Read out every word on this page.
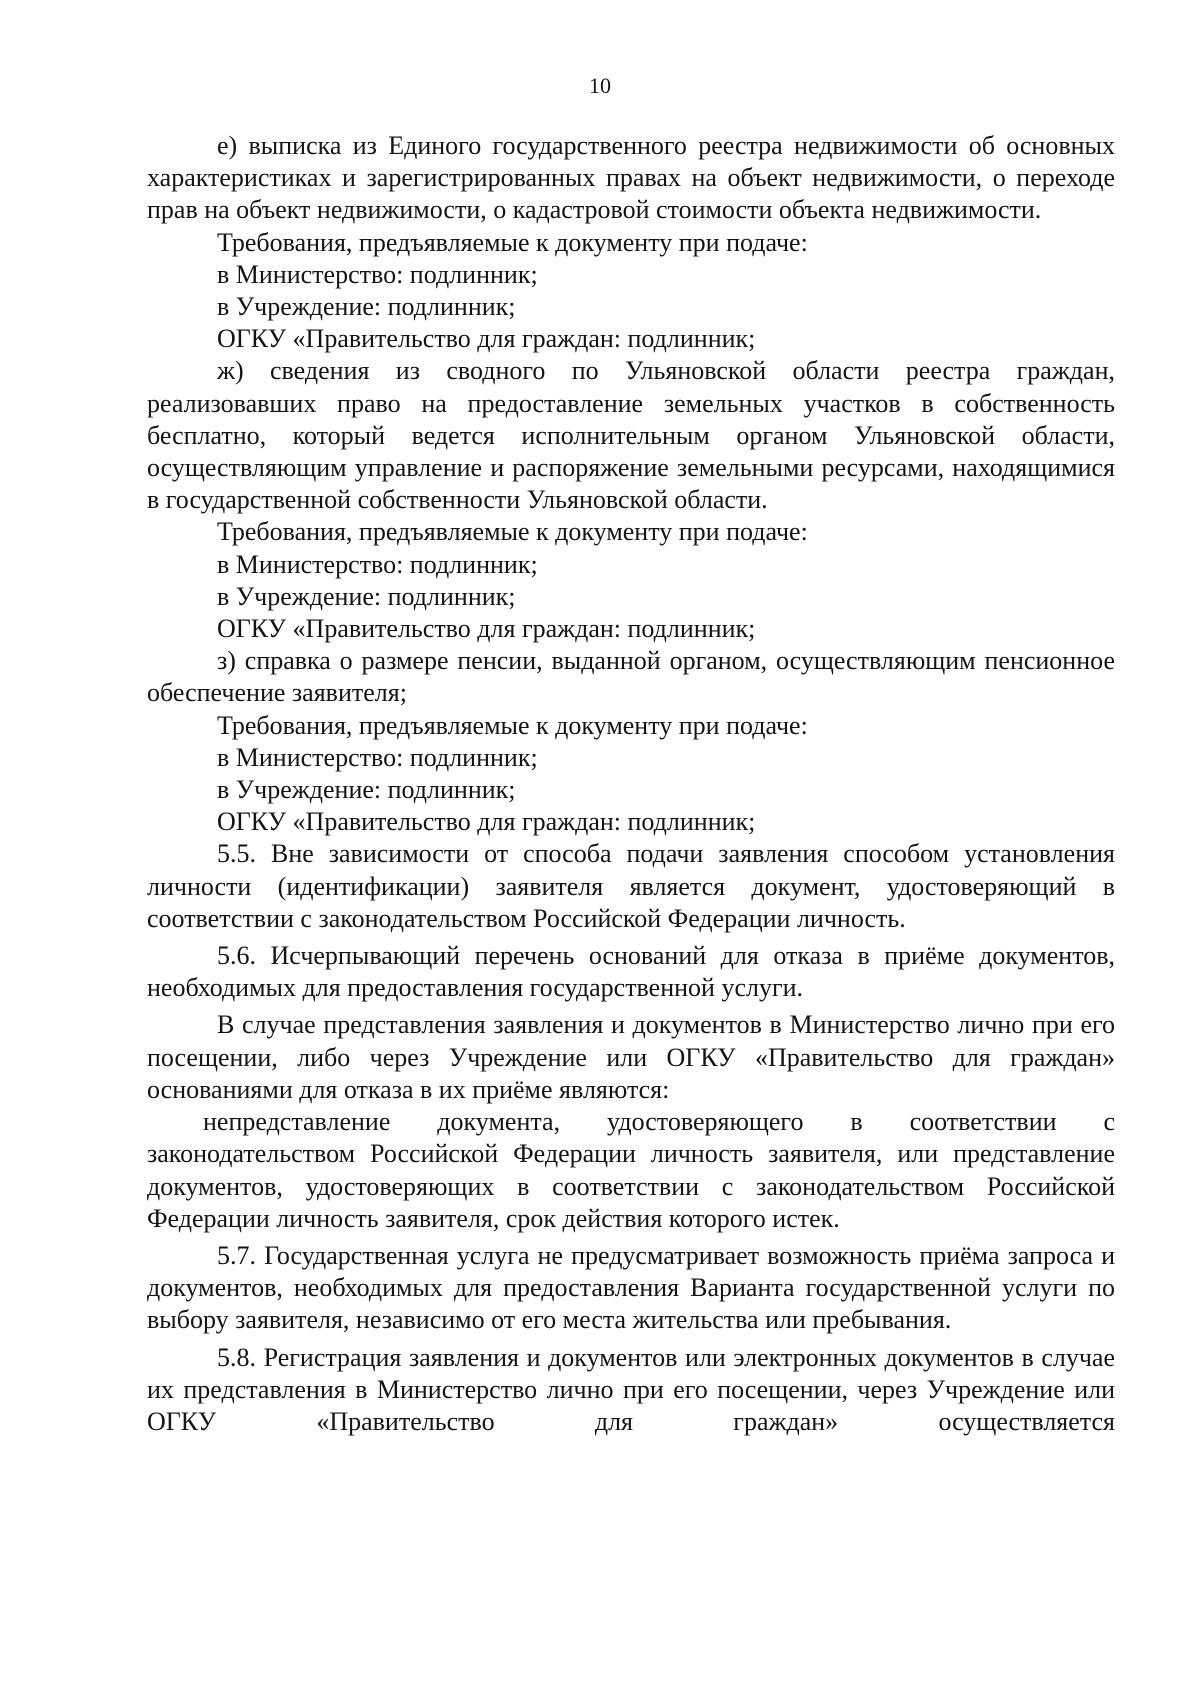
10

е) выписка из Единого государственного реестра недвижимости об основных характеристиках и зарегистрированных правах на объект недвижимости, о переходе прав на объект недвижимости, о кадастровой стоимости объекта недвижимости.

Требования, предъявляемые к документу при подаче:

в Министерство: подлинник;

в Учреждение: подлинник;

ОГКУ «Правительство для граждан: подлинник;

ж) сведения из сводного по Ульяновской области реестра граждан, реализовавших право на предоставление земельных участков в собственность бесплатно, который ведется исполнительным органом Ульяновской области, осуществляющим управление и распоряжение земельными ресурсами, находящимися в государственной собственности Ульяновской области.

Требования, предъявляемые к документу при подаче:

в Министерство: подлинник;

в Учреждение: подлинник;

ОГКУ «Правительство для граждан: подлинник;

з) справка о размере пенсии, выданной органом, осуществляющим пенсионное обеспечение заявителя;

Требования, предъявляемые к документу при подаче:

в Министерство: подлинник;

в Учреждение: подлинник;

ОГКУ «Правительство для граждан: подлинник;

5.5. Вне зависимости от способа подачи заявления способом установления личности (идентификации) заявителя является документ, удостоверяющий в соответствии с законодательством Российской Федерации личность.

5.6. Исчерпывающий перечень оснований для отказа в приёме документов, необходимых для предоставления государственной услуги.

В случае представления заявления и документов в Министерство лично при его посещении, либо через Учреждение или ОГКУ «Правительство для граждан» основаниями для отказа в их приёме являются:

непредставление документа, удостоверяющего в соответствии с законодательством Российской Федерации личность заявителя, или представление документов, удостоверяющих в соответствии с законодательством Российской Федерации личность заявителя, срок действия которого истек.

5.7. Государственная услуга не предусматривает возможность приёма запроса и документов, необходимых для предоставления Варианта государственной услуги по выбору заявителя, независимо от его места жительства или пребывания.

5.8. Регистрация заявления и документов или электронных документов в случае их представления в Министерство лично при его посещении, через Учреждение или ОГКУ «Правительство для граждан» осуществляется
